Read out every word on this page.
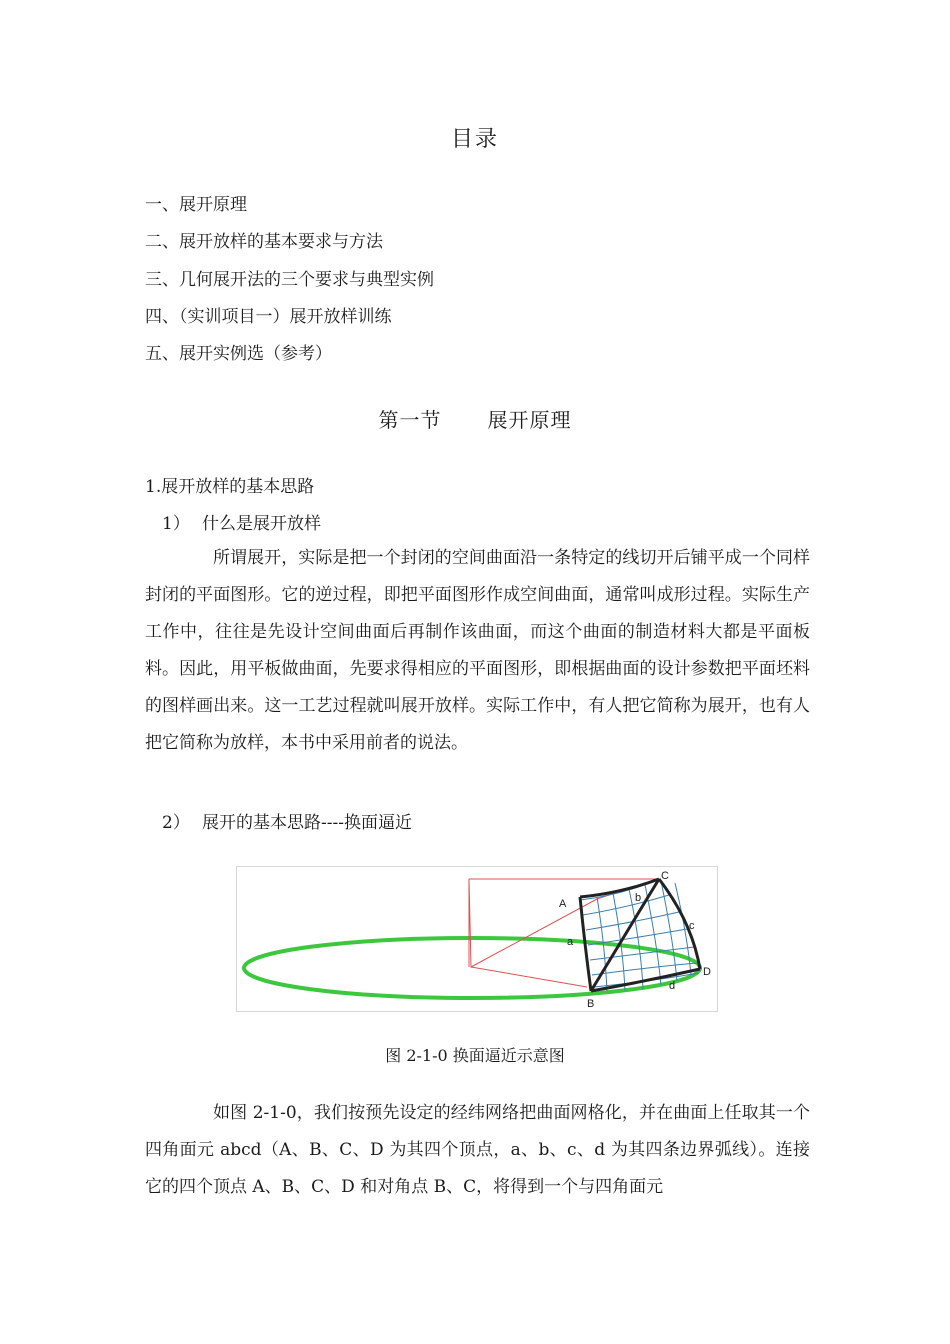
目录
一、展开原理
二、展开放样的基本要求与方法
三、几何展开法的三个要求与典型实例
四、（实训项目一）展开放样训练
五、展开实例选（参考）
第一节 展开原理
1.展开放样的基本思路
1） 什么是展开放样
所谓展开，实际是把一个封闭的空间曲面沿一条特定的线切开后铺平成一个同样封闭的平面图形。它的逆过程，即把平面图形作成空间曲面，通常叫成形过程。实际生产工作中，往往是先设计空间曲面后再制作该曲面，而这个曲面的制造材料大都是平面板料。因此，用平板做曲面，先要求得相应的平面图形，即根据曲面的设计参数把平面坯料的图样画出来。这一工艺过程就叫展开放样。实际工作中，有人把它简称为展开，也有人把它简称为放样，本书中采用前者的说法。
2） 展开的基本思路----换面逼近
A
B
C
D
a
b
c
d
图 2-1-0 换面逼近示意图
如图 2-1-0，我们按预先设定的经纬网络把曲面网格化，并在曲面上任取其一个四角面元 abcd（A、B、C、D 为其四个顶点，a、b、c、d 为其四条边界弧线）。连接它的四个顶点 A、B、C、D 和对角点 B、C，将得到一个与四角面元
